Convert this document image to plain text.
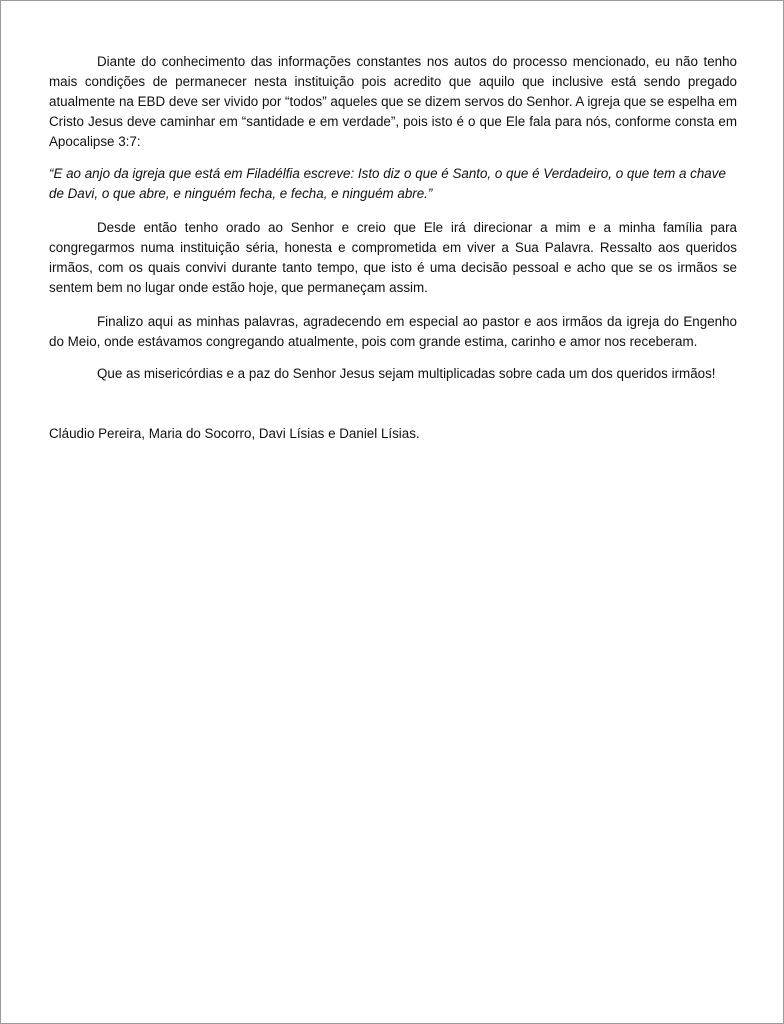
Diante do conhecimento das informações constantes nos autos do processo mencionado, eu não tenho mais condições de permanecer nesta instituição pois acredito que aquilo que inclusive está sendo pregado atualmente na EBD deve ser vivido por “todos” aqueles que se dizem servos do Senhor. A igreja que se espelha em Cristo Jesus deve caminhar em “santidade e em verdade”, pois isto é o que Ele fala para nós, conforme consta em Apocalipse 3:7:

“E ao anjo da igreja que está em Filadélfia escreve: Isto diz o que é Santo, o que é Verdadeiro, o que tem a chave de Davi, o que abre, e ninguém fecha, e fecha, e ninguém abre.”

Desde então tenho orado ao Senhor e creio que Ele irá direcionar a mim e a minha família para congregarmos numa instituição séria, honesta e comprometida em viver a Sua Palavra. Ressalto aos queridos irmãos, com os quais convivi durante tanto tempo, que isto é uma decisão pessoal e acho que se os irmãos se sentem bem no lugar onde estão hoje, que permaneçam assim.

Finalizo aqui as minhas palavras, agradecendo em especial ao pastor e aos irmãos da igreja do Engenho do Meio, onde estávamos congregando atualmente, pois com grande estima, carinho e amor nos receberam.

Que as misericórdias e a paz do Senhor Jesus sejam multiplicadas sobre cada um dos queridos irmãos!

Cláudio Pereira, Maria do Socorro, Davi Lísias e Daniel Lísias.
